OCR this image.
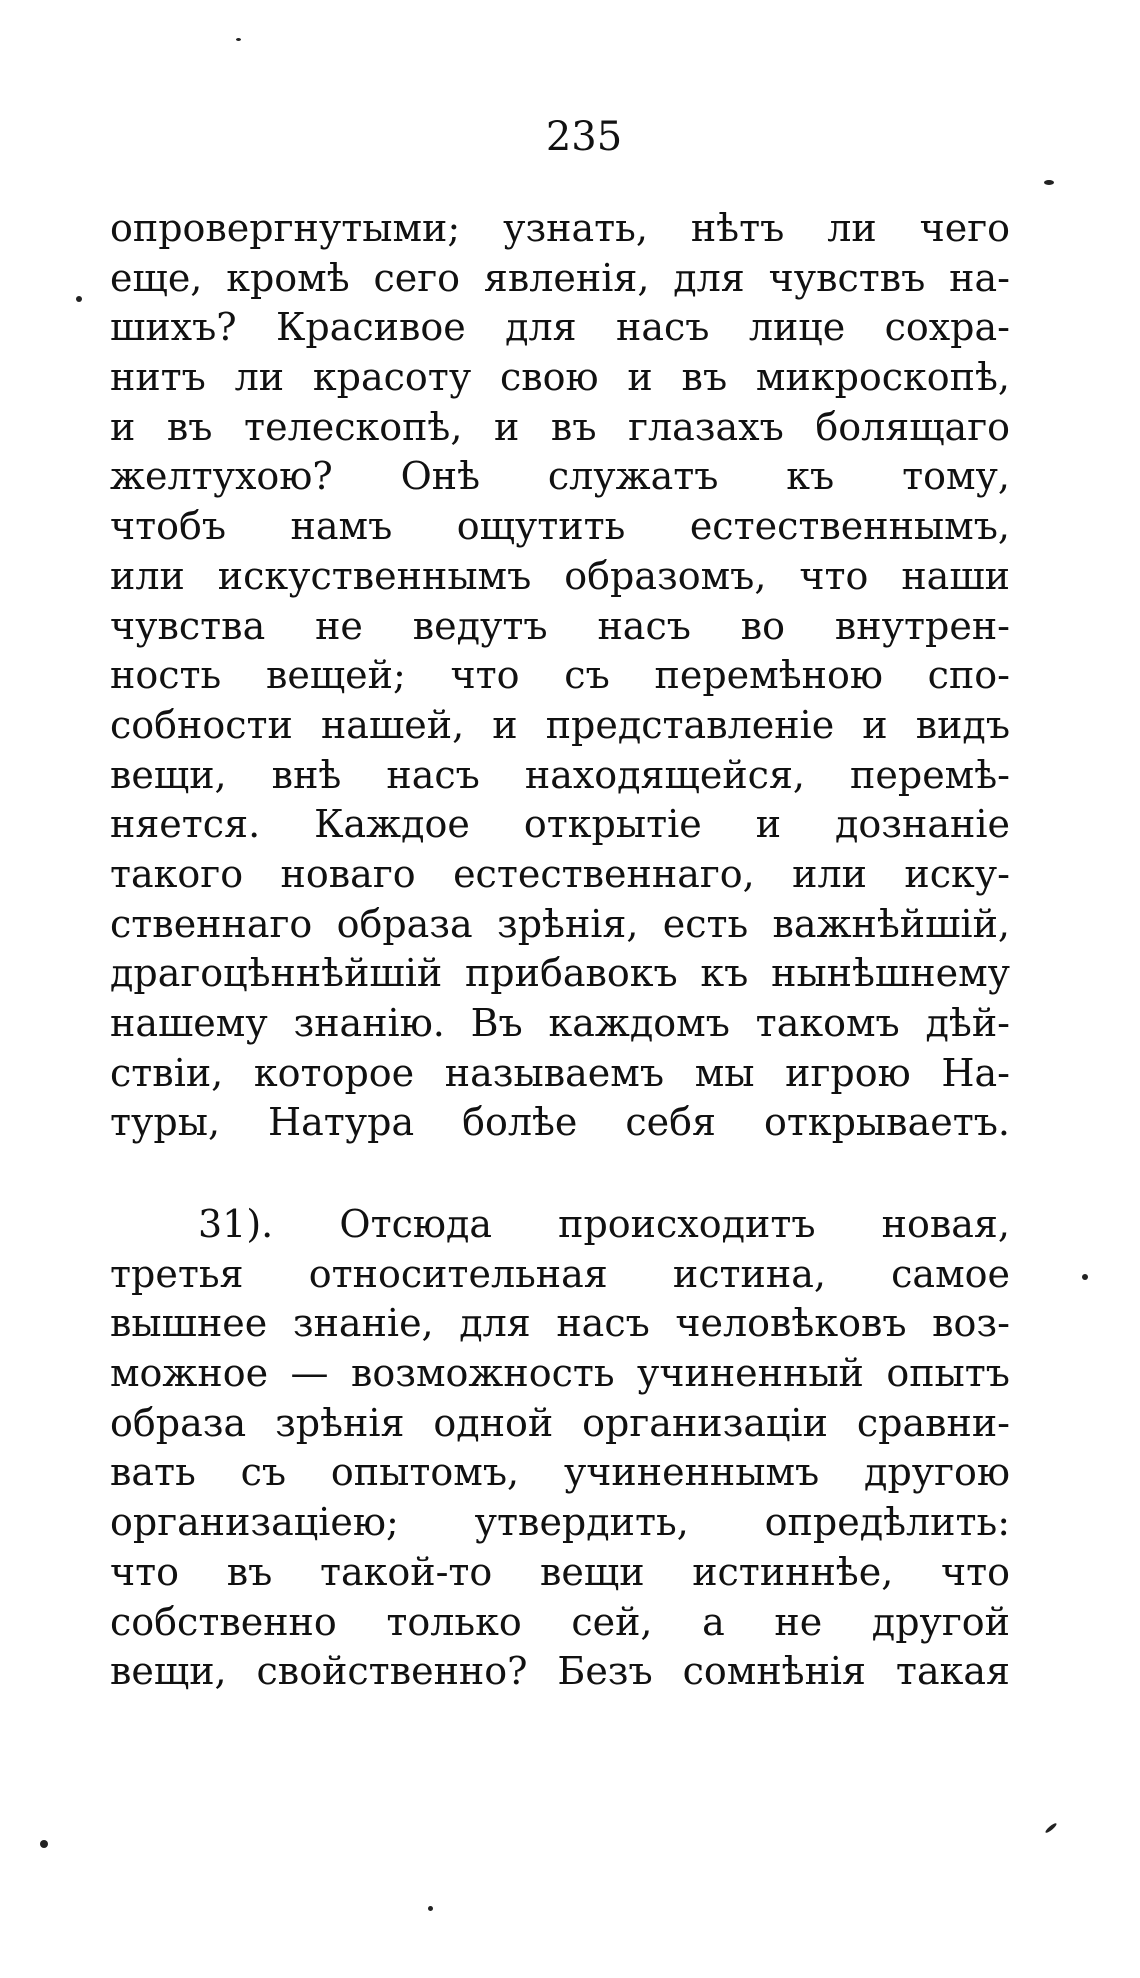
235
опровергнутыми; узнать, нѣтъ ли чего
еще, кромѣ сего явленія, для чувствъ на-
шихъ? Красивое для насъ лице сохра-
нитъ ли красоту свою и въ микроскопѣ,
и въ телескопѣ, и въ глазахъ болящаго
желтухою? Онѣ служатъ къ тому,
чтобъ намъ ощутить естественнымъ,
или искуственнымъ образомъ, что наши
чувства не ведутъ насъ во внутрен-
ность вещей; что съ перемѣною спо-
собности нашей, и представленіе и видъ
вещи, внѣ насъ находящейся, перемѣ-
няется. Каждое открытіе и дознаніе
такого новаго естественнаго, или иску-
ственнаго образа зрѣнія, есть важнѣйшій,
драгоцѣннѣйшій прибавокъ къ нынѣшнему
нашему знанію. Въ каждомъ такомъ дѣй-
ствіи, которое называемъ мы игрою На-
туры, Натура болѣе себя открываетъ.
31). Отсюда происходитъ новая,
третья относительная истина, самое
вышнее знаніе, для насъ человѣковъ воз-
можное — возможность учиненный опытъ
образа зрѣнія одной организаціи сравни-
вать съ опытомъ, учиненнымъ другою
организаціею; утвердить, опредѣлить:
что въ такой-то вещи истиннѣе, что
собственно только сей, а не другой
вещи, свойственно? Безъ сомнѣнія такая
